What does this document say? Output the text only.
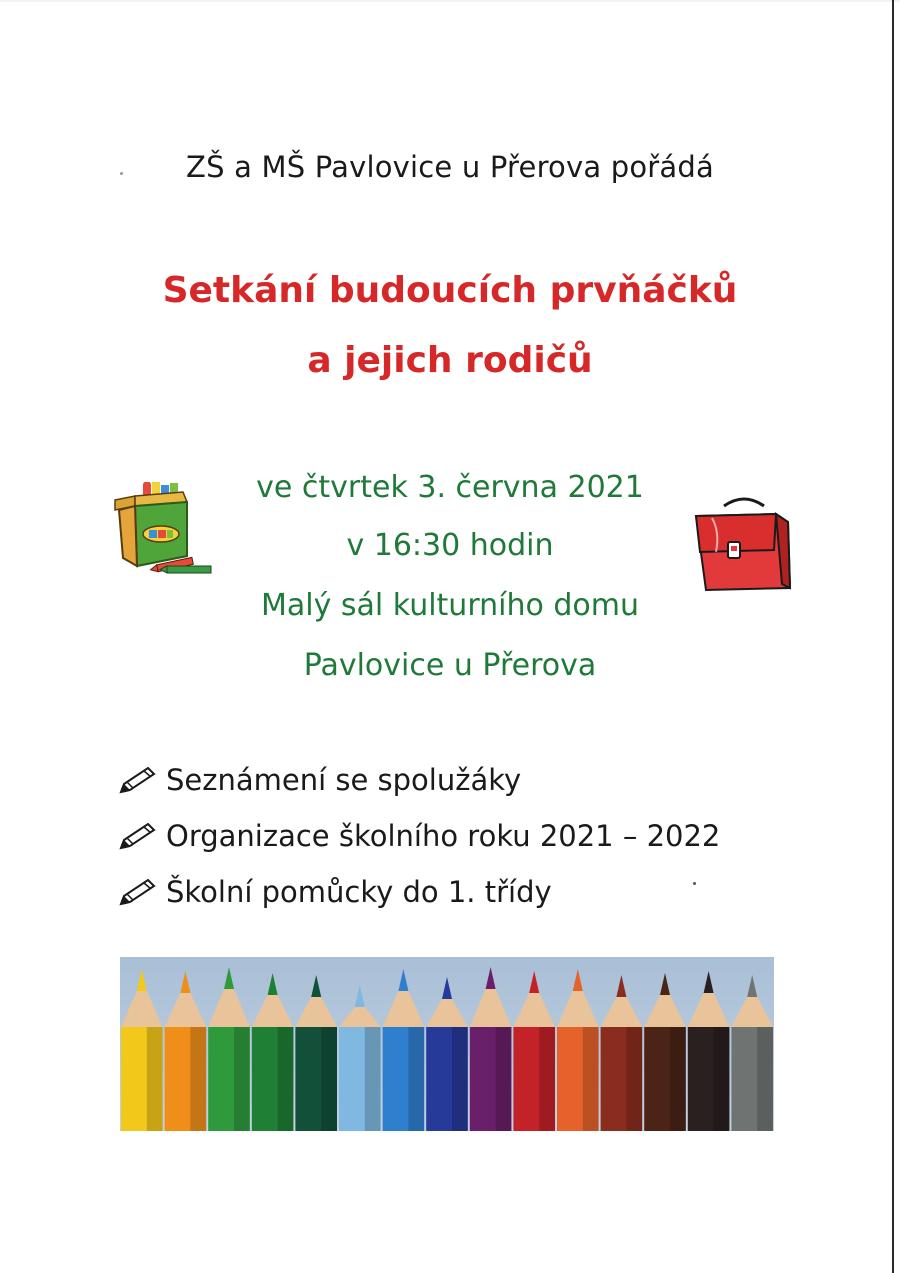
ZŠ a MŠ Pavlovice u Přerova pořádá
Setkání budoucích prvňáčků
a jejich rodičů
ve čtvrtek 3. června 2021
v 16:30 hodin
Malý sál kulturního domu
Pavlovice u Přerova
Seznámení se spolužáky
Organizace školního roku 2021 – 2022
Školní pomůcky do 1. třídy
